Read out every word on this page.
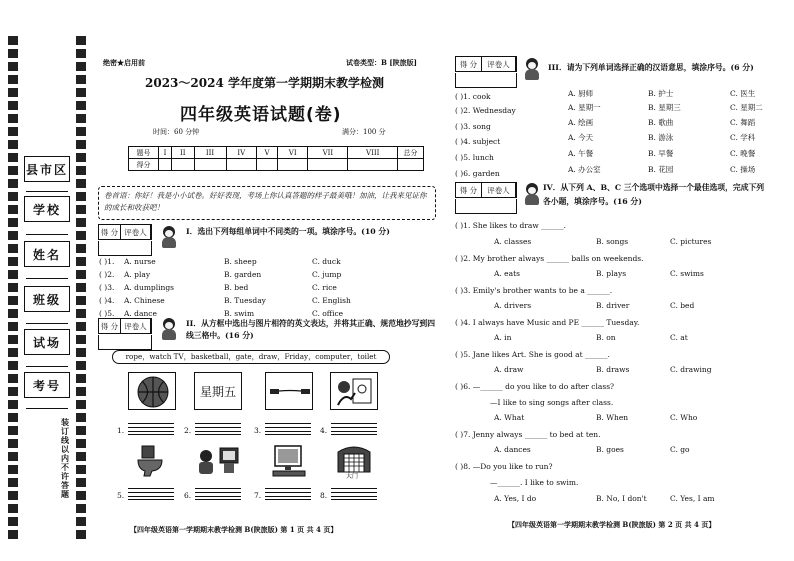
县市区
学校
姓名
班级
试场
考号
装订线以内不许答题
绝密★启用前	试卷类型：B [陕旅版]
2023～2024 学年度第一学期期末教学检测
四年级英语试题(卷)
时间：60 分钟	满分：100 分
题号	I	II	III	IV	V	VI	VII	VIII	总分
得分									
卷首语：你好！我是小小试卷。好好表现，考场上你认真答题的样子最美哦！加油，让我来见证你的成长和收获吧！
得 分 评卷人	I．选出下列每组单词中不同类的一项。填涂序号。(10 分)
( )1. A. nurse	B. sheep	C. duck
( )2. A. play	B. garden	C. jump
( )3. A. dumplings	B. bed	C. rice
( )4. A. Chinese	B. Tuesday	C. English
( )5. A. dance	B. swim	C. office
得 分 评卷人	II．从方框中选出与图片相符的英文表达，并将其正确、规范地抄写到四线三格中。(16 分)
rope，watch TV，basketball，gate，draw，Friday，computer，toilet
星期五
1.	2.	3.	4.
大门
5.	6.	7.	8.
【四年级英语第一学期期末教学检测 B(陕旅版) 第 1 页 共 4 页】
得 分	评卷人	III．请为下列单词选择正确的汉语意思，填涂序号。(6 分)
( )1. cook	A. 厨师	B. 护士	C. 医生
( )2. Wednesday	A. 星期一	B. 星期三	C. 星期二
( )3. song	A. 绘画	B. 歌曲	C. 舞蹈
( )4. subject	A. 今天	B. 游泳	C. 学科
( )5. lunch	A. 午餐	B. 早餐	C. 晚餐
( )6. garden	A. 办公室	B. 花园	C. 操场
得 分	评卷人	IV．从下列 A、B、C 三个选项中选择一个最佳选项，完成下列
各小题，填涂序号。(16 分)
( )1. She likes to draw ______.
A. classes	B. songs	C. pictures
( )2. My brother always ______ balls on weekends.
A. eats	B. plays	C. swims
( )3. Emily's brother wants to be a ______.
A. drivers	B. driver	C. bed
( )4. I always have Music and PE ______ Tuesday.
A. in	B. on	C. at
( )5. Jane likes Art. She is good at ______.
A. draw	B. draws	C. drawing
( )6. —______ do you like to do after class?
—I like to sing songs after class.
A. What	B. When	C. Who
( )7. Jenny always ______ to bed at ten.
A. dances	B. goes	C. go
( )8. —Do you like to run?
—______. I like to swim.
A. Yes, I do	B. No, I don't	C. Yes, I am
【四年级英语第一学期期末教学检测 B(陕旅版) 第 2 页 共 4 页】
